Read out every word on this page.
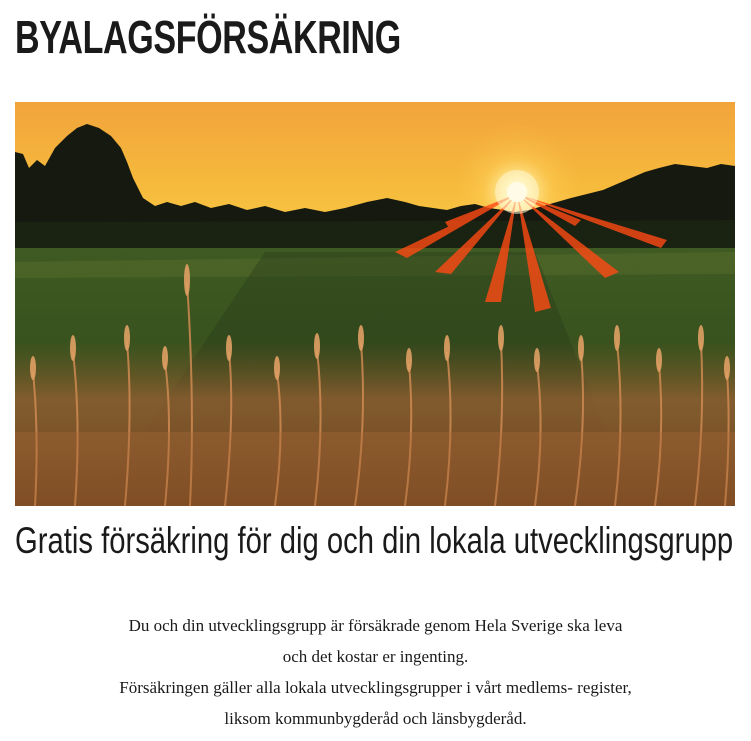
BYALAGSFÖRSÄKRING
Gratis försäkring för dig och din lokala utvecklingsgrupp
Du och din utvecklingsgrupp är försäkrade genom Hela Sverige ska leva
och det kostar er ingenting.
Försäkringen gäller alla lokala utvecklingsgrupper i vårt medlems- register,
liksom kommunbygderåd och länsbygderåd.
